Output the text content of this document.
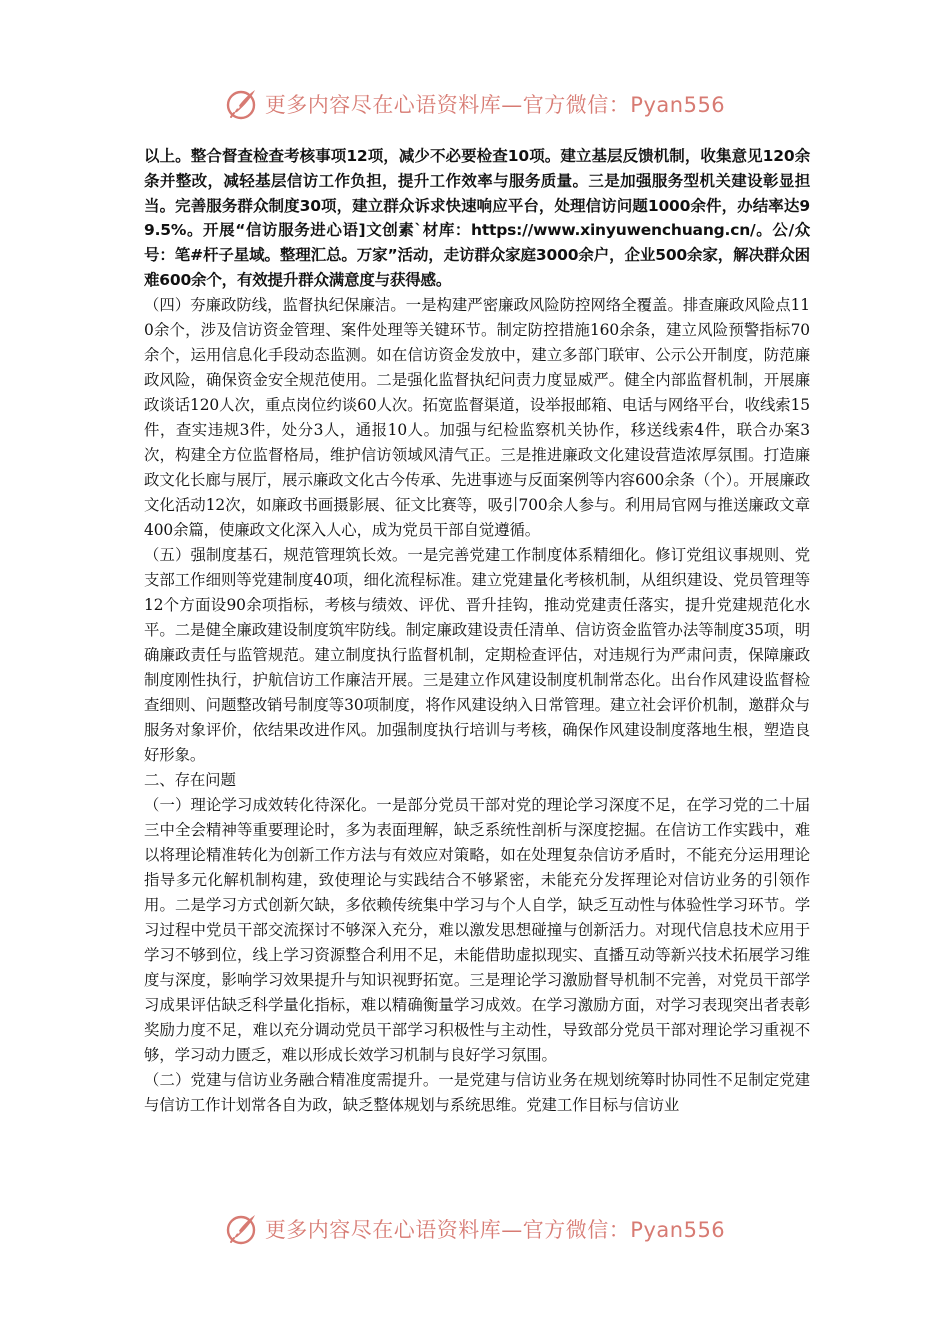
更多内容尽在心语资料库—官方微信：Pyan556

以上。整合督查检查考核事项12项，减少不必要检查10项。建立基层反馈机制，收集意见120余条并整改，减轻基层信访工作负担，提升工作效率与服务质量。三是加强服务型机关建设彰显担当。完善服务群众制度30项，建立群众诉求快速响应平台，处理信访问题1000余件，办结率达99.5%。开展“信访服务进心语]文创素`材库：https://www.xinyuwenchuang.cn/。公/众号：笔#杆子星域。整理汇总。万家”活动，走访群众家庭3000余户，企业500余家，解决群众困难600余个，有效提升群众满意度与获得感。

（四）夯廉政防线，监督执纪保廉洁。一是构建严密廉政风险防控网络全覆盖。排查廉政风险点110余个，涉及信访资金管理、案件处理等关键环节。制定防控措施160余条，建立风险预警指标70余个，运用信息化手段动态监测。如在信访资金发放中，建立多部门联审、公示公开制度，防范廉政风险，确保资金安全规范使用。二是强化监督执纪问责力度显威严。健全内部监督机制，开展廉政谈话120人次，重点岗位约谈60人次。拓宽监督渠道，设举报邮箱、电话与网络平台，收线索15件，查实违规3件，处分3人，通报10人。加强与纪检监察机关协作，移送线索4件，联合办案3次，构建全方位监督格局，维护信访领域风清气正。三是推进廉政文化建设营造浓厚氛围。打造廉政文化长廊与展厅，展示廉政文化古今传承、先进事迹与反面案例等内容600余条（个）。开展廉政文化活动12次，如廉政书画摄影展、征文比赛等，吸引700余人参与。利用局官网与推送廉政文章400余篇，使廉政文化深入人心，成为党员干部自觉遵循。

（五）强制度基石，规范管理筑长效。一是完善党建工作制度体系精细化。修订党组议事规则、党支部工作细则等党建制度40项，细化流程标准。建立党建量化考核机制，从组织建设、党员管理等12个方面设90余项指标，考核与绩效、评优、晋升挂钩，推动党建责任落实，提升党建规范化水平。二是健全廉政建设制度筑牢防线。制定廉政建设责任清单、信访资金监管办法等制度35项，明确廉政责任与监管规范。建立制度执行监督机制，定期检查评估，对违规行为严肃问责，保障廉政制度刚性执行，护航信访工作廉洁开展。三是建立作风建设制度机制常态化。出台作风建设监督检查细则、问题整改销号制度等30项制度，将作风建设纳入日常管理。建立社会评价机制，邀群众与服务对象评价，依结果改进作风。加强制度执行培训与考核，确保作风建设制度落地生根，塑造良好形象。

二、存在问题

（一）理论学习成效转化待深化。一是部分党员干部对党的理论学习深度不足，在学习党的二十届三中全会精神等重要理论时，多为表面理解，缺乏系统性剖析与深度挖掘。在信访工作实践中，难以将理论精准转化为创新工作方法与有效应对策略，如在处理复杂信访矛盾时，不能充分运用理论指导多元化解机制构建，致使理论与实践结合不够紧密，未能充分发挥理论对信访业务的引领作用。二是学习方式创新欠缺，多依赖传统集中学习与个人自学，缺乏互动性与体验性学习环节。学习过程中党员干部交流探讨不够深入充分，难以激发思想碰撞与创新活力。对现代信息技术应用于学习不够到位，线上学习资源整合利用不足，未能借助虚拟现实、直播互动等新兴技术拓展学习维度与深度，影响学习效果提升与知识视野拓宽。三是理论学习激励督导机制不完善，对党员干部学习成果评估缺乏科学量化指标，难以精确衡量学习成效。在学习激励方面，对学习表现突出者表彰奖励力度不足，难以充分调动党员干部学习积极性与主动性，导致部分党员干部对理论学习重视不够，学习动力匮乏，难以形成长效学习机制与良好学习氛围。

（二）党建与信访业务融合精准度需提升。一是党建与信访业务在规划统筹时协同性不足制定党建与信访工作计划常各自为政，缺乏整体规划与系统思维。党建工作目标与信访业

更多内容尽在心语资料库—官方微信：Pyan556
